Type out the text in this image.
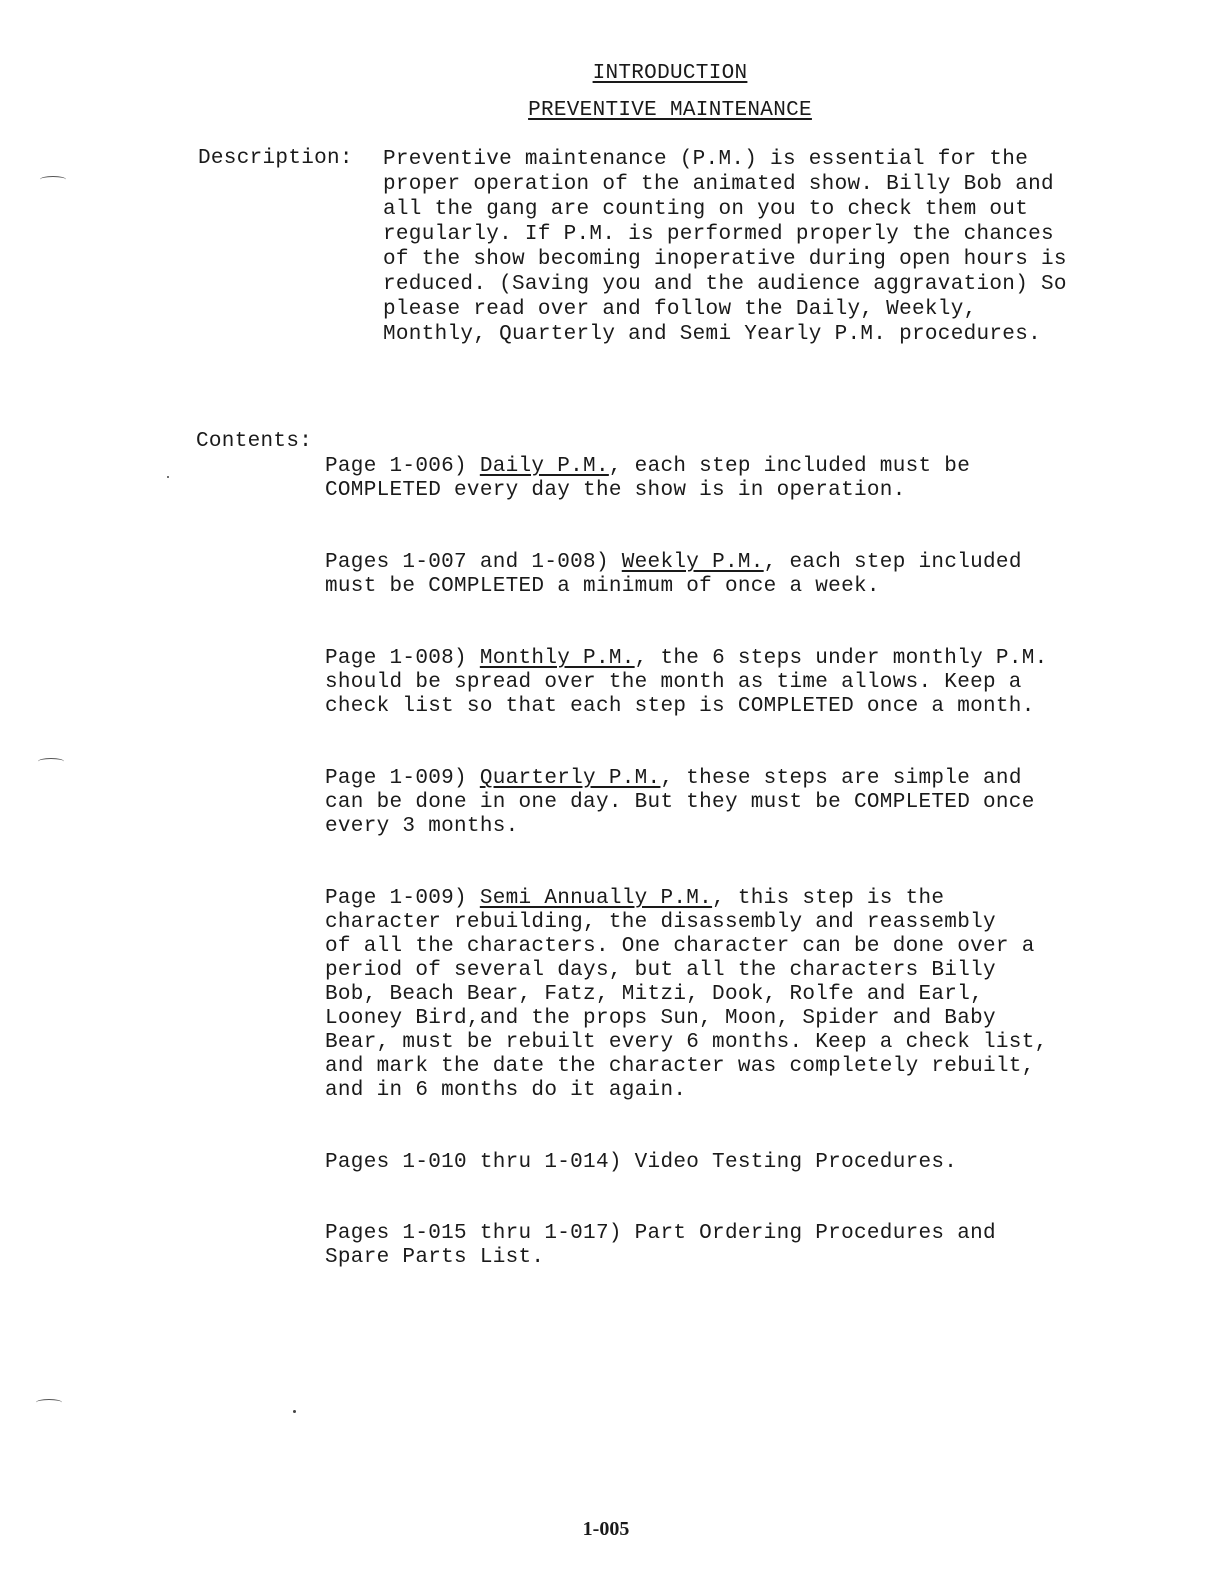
INTRODUCTION
PREVENTIVE MAINTENANCE
Description: Preventive maintenance (P.M.) is essential for the
proper operation of the animated show. Billy Bob and
all the gang are counting on you to check them out
regularly. If P.M. is performed properly the chances
of the show becoming inoperative during open hours is
reduced. (Saving you and the audience aggravation) So
please read over and follow the Daily, Weekly,
Monthly, Quarterly and Semi Yearly P.M. procedures.
Contents:
Page 1-006) Daily P.M., each step included must be
COMPLETED every day the show is in operation.
Pages 1-007 and 1-008) Weekly P.M., each step included
must be COMPLETED a minimum of once a week.
Page 1-008) Monthly P.M., the 6 steps under monthly P.M.
should be spread over the month as time allows. Keep a
check list so that each step is COMPLETED once a month.
Page 1-009) Quarterly P.M., these steps are simple and
can be done in one day. But they must be COMPLETED once
every 3 months.
Page 1-009) Semi Annually P.M., this step is the
character rebuilding, the disassembly and reassembly
of all the characters. One character can be done over a
period of several days, but all the characters Billy
Bob, Beach Bear, Fatz, Mitzi, Dook, Rolfe and Earl,
Looney Bird,and the props Sun, Moon, Spider and Baby
Bear, must be rebuilt every 6 months. Keep a check list,
and mark the date the character was completely rebuilt,
and in 6 months do it again.
Pages 1-010 thru 1-014) Video Testing Procedures.
Pages 1-015 thru 1-017) Part Ordering Procedures and
Spare Parts List.
1-005
